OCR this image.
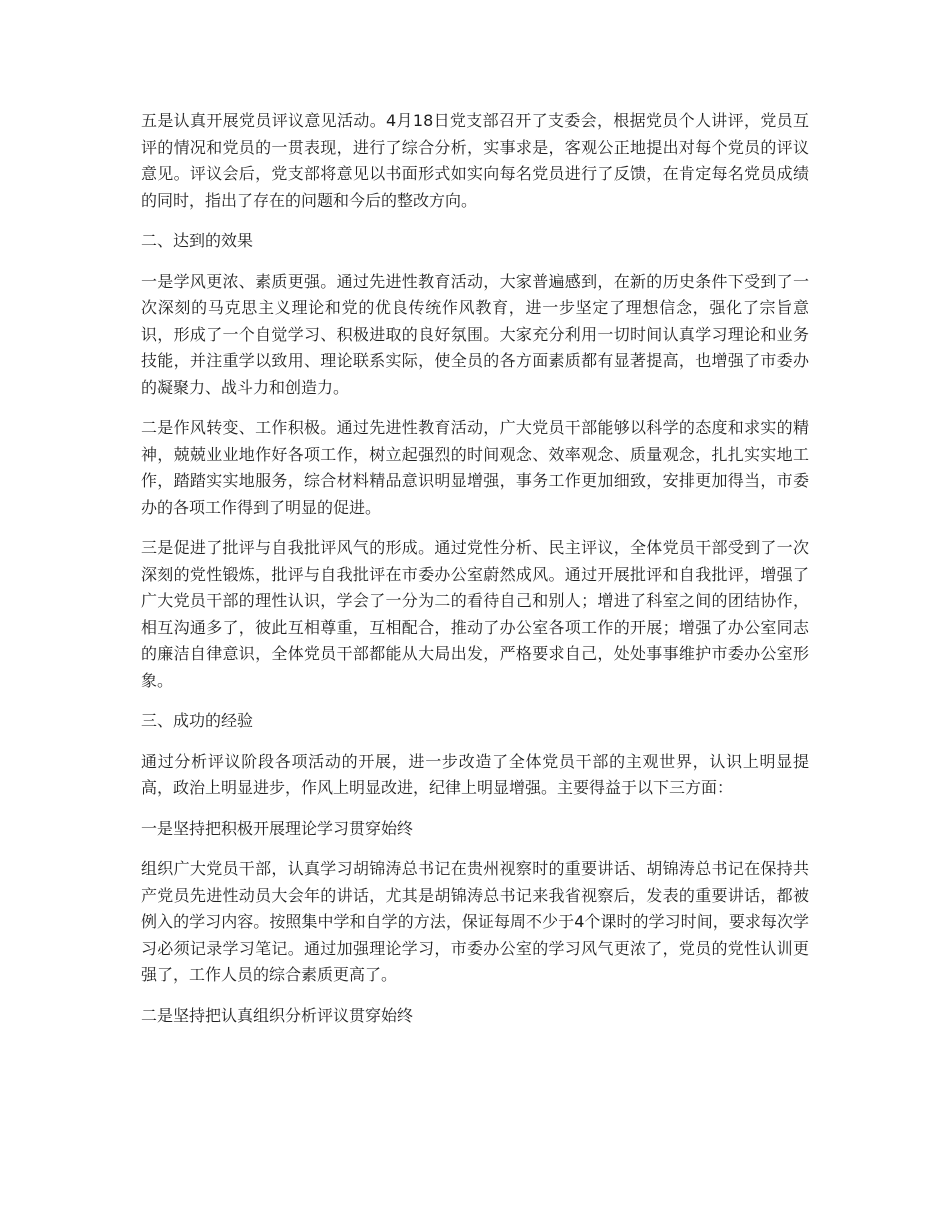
五是认真开展党员评议意见活动。4月18日党支部召开了支委会，根据党员个人讲评，党员互评的情况和党员的一贯表现，进行了综合分析，实事求是，客观公正地提出对每个党员的评议意见。评议会后，党支部将意见以书面形式如实向每名党员进行了反馈，在肯定每名党员成绩的同时，指出了存在的问题和今后的整改方向。

二、达到的效果

一是学风更浓、素质更强。通过先进性教育活动，大家普遍感到，在新的历史条件下受到了一次深刻的马克思主义理论和党的优良传统作风教育，进一步坚定了理想信念，强化了宗旨意识，形成了一个自觉学习、积极进取的良好氛围。大家充分利用一切时间认真学习理论和业务技能，并注重学以致用、理论联系实际，使全员的各方面素质都有显著提高，也增强了市委办的凝聚力、战斗力和创造力。

二是作风转变、工作积极。通过先进性教育活动，广大党员干部能够以科学的态度和求实的精神，兢兢业业地作好各项工作，树立起强烈的时间观念、效率观念、质量观念，扎扎实实地工作，踏踏实实地服务，综合材料精品意识明显增强，事务工作更加细致，安排更加得当，市委办的各项工作得到了明显的促进。

三是促进了批评与自我批评风气的形成。通过党性分析、民主评议，全体党员干部受到了一次深刻的党性锻炼，批评与自我批评在市委办公室蔚然成风。通过开展批评和自我批评，增强了广大党员干部的理性认识，学会了一分为二的看待自己和别人；增进了科室之间的团结协作，相互沟通多了，彼此互相尊重，互相配合，推动了办公室各项工作的开展；增强了办公室同志的廉洁自律意识，全体党员干部都能从大局出发，严格要求自己，处处事事维护市委办公室形象。

三、成功的经验

通过分析评议阶段各项活动的开展，进一步改造了全体党员干部的主观世界，认识上明显提高，政治上明显进步，作风上明显改进，纪律上明显增强。主要得益于以下三方面：

一是坚持把积极开展理论学习贯穿始终

组织广大党员干部，认真学习胡锦涛总书记在贵州视察时的重要讲话、胡锦涛总书记在保持共产党员先进性动员大会年的讲话，尤其是胡锦涛总书记来我省视察后，发表的重要讲话，都被例入的学习内容。按照集中学和自学的方法，保证每周不少于4个课时的学习时间，要求每次学习必须记录学习笔记。通过加强理论学习，市委办公室的学习风气更浓了，党员的党性认训更强了，工作人员的综合素质更高了。

二是坚持把认真组织分析评议贯穿始终
